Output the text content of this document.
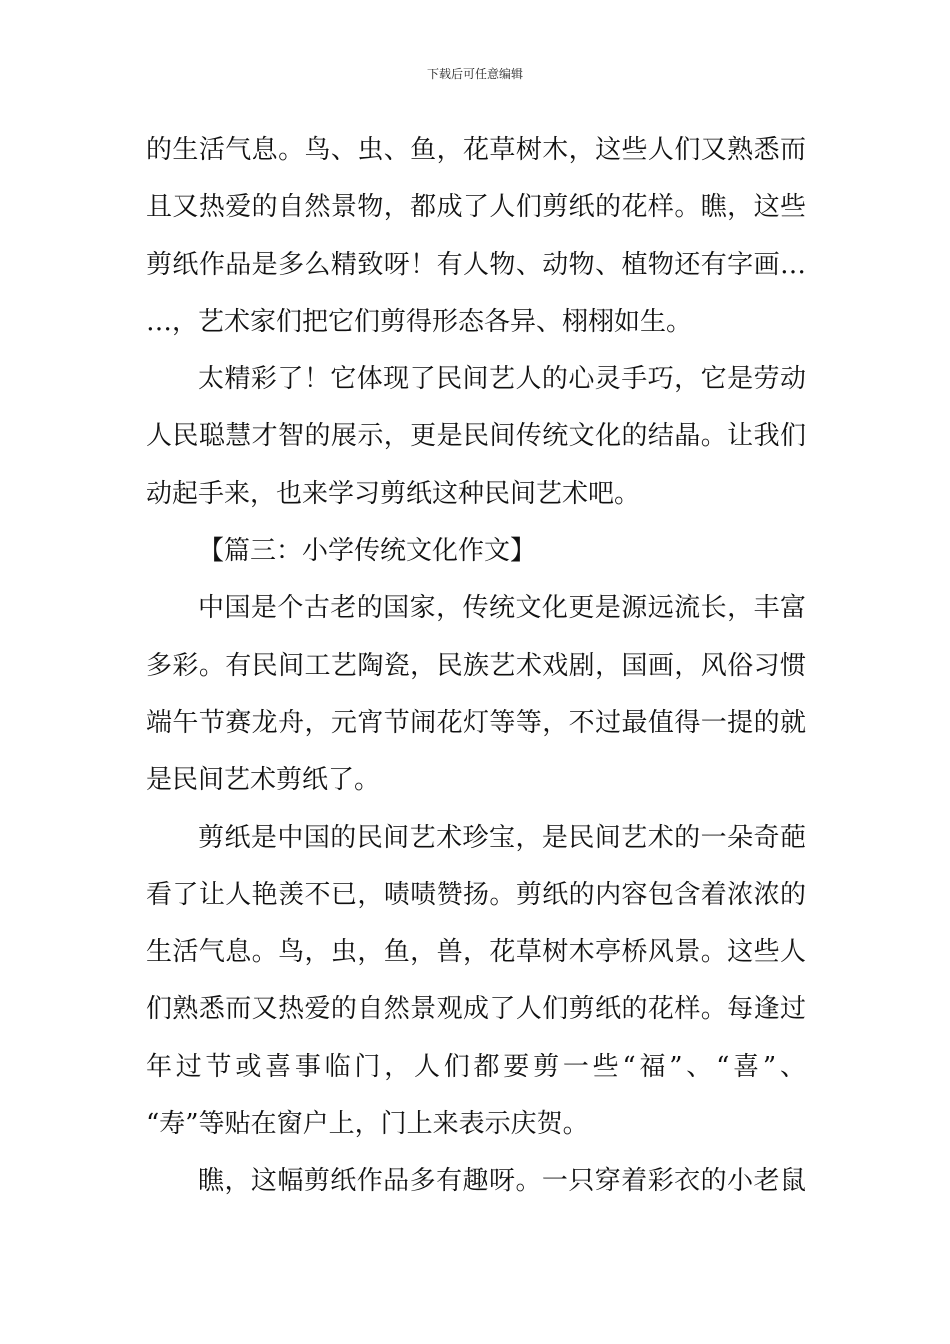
下载后可任意编辑
的生活气息。鸟、虫、鱼，花草树木，这些人们又熟悉而
且又热爱的自然景物，都成了人们剪纸的花样。瞧，这些
剪纸作品是多么精致呀！有人物、动物、植物还有字画…
…，艺术家们把它们剪得形态各异、栩栩如生。
太精彩了！它体现了民间艺人的心灵手巧，它是劳动
人民聪慧才智的展示，更是民间传统文化的结晶。让我们
动起手来，也来学习剪纸这种民间艺术吧。
【篇三：小学传统文化作文】
中国是个古老的国家，传统文化更是源远流长，丰富
多彩。有民间工艺陶瓷，民族艺术戏剧，国画，风俗习惯
端午节赛龙舟，元宵节闹花灯等等，不过最值得一提的就
是民间艺术剪纸了。
剪纸是中国的民间艺术珍宝，是民间艺术的一朵奇葩
看了让人艳羡不已，啧啧赞扬。剪纸的内容包含着浓浓的
生活气息。鸟，虫，鱼，兽，花草树木亭桥风景。这些人
们熟悉而又热爱的自然景观成了人们剪纸的花样。每逢过
年过节或喜事临门，人们都要剪一些“福”、“喜”、
“寿”等贴在窗户上，门上来表示庆贺。
瞧，这幅剪纸作品多有趣呀。一只穿着彩衣的小老鼠
